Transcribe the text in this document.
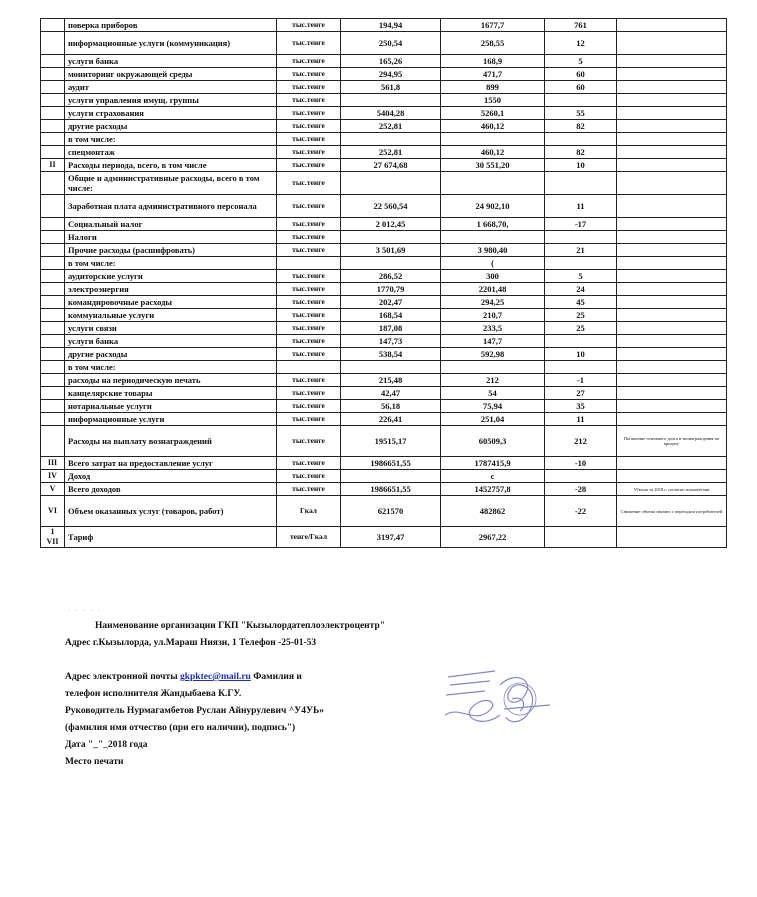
	поверка приборов	тыс.тенге	194,94	1677,7	761	
	информационные услуги (коммуникация)	тыс.тенге	250,54	258,55	12	
	услуги банка	тыс.тенге	165,26	168,9	5	
	мониторинг окружающей среды	тыс.тенге	294,95	471,7	60	
	аудит	тыс.тенге	561,8	899	60	
	услуги управления имущ. группы	тыс.тенге		1550		
	услуги страхования	тыс.тенге	5404,28	5260,1	55	
	другие расходы	тыс.тенге	252,81	460,12	82	
	в том числе:	тыс.тенге				
	спецмонтаж	тыс.тенге	252,81	460,12	82	
II	Расходы периода, всего, в том числе	тыс.тенге	27 674,68	30 551,20	10	
	Общие и административные расходы, всего в том числе:	тыс.тенге				
	Заработная плата административного персонала	тыс.тенге	22 560,54	24 902,10	11	
	Социальный налог	тыс.тенге	2 012,45	1 668,70,	-17	
	Налоги	тыс.тенге				
	Прочие расходы (расшифровать)	тыс.тенге	3 501,69	3 980,40	21	
	в том числе:			(		
	аудиторские услуги	тыс.тенге	286,52	300	5	
	электроэнергия	тыс.тенге	1770,79	2201,48	24	
	командировочные расходы	тыс.тенге	202,47	294,25	45	
	коммунальные услуги	тыс.тенге	168,54	210,7	25	
	услуги связи	тыс.тенге	187,08	233,5	25	
	услуги банка	тыс.тенге	147,73	147,7		
	другие расходы	тыс.тенге	538,54	592,98	10	
	в том числе:					
	расходы на периодическую печать	тыс.тенге	215,48	212	-1	
	канцелярские товары	тыс.тенге	42,47	54	27	
	нотариальные услуги	тыс.тенге	56,18	75,94	35	
	информационные услуги	тыс.тенге	226,41	251,04	11	
	Расходы на выплату вознаграждений	тыс.тенге	19515,17	60509,3	212	Погашение основного долга и вознаграждения по кредиту
III	Всего затрат на предоставление услуг	тыс.тенге	1986651,55	1787415,9	-10	
IV	Доход	тыс.тенге		с		
V	Всего доходов	тыс.тенге	1986651,55	1452757,8	-28	Убыток за 2018 г. согласно показателям
VI	Объем оказанных услуг (товаров, работ)	Гкал	621570	482862	-22	Снижение объема связано с переходом потребителей
1 VII	Тариф	тенге/Гкал	3197,47	2967,22		
· · · · ·
Наименование организации ГКП "Кызылордатеплоэлектроцентр"
Адрес г.Кызылорда, ул.Мараш Ниязи, 1 Телефон -25-01-53
Адрес электронной почты gkpktec@mail.ru Фамилия и
телефон исполнителя Жандыбаева К.ГУ.
Руководитель Нурмагамбетов Руслан Айнурулевич ^У4УЬ»
(фамилия имя отчество (при его наличии), подпись")
Дата "_"_2018 года
Место печати
